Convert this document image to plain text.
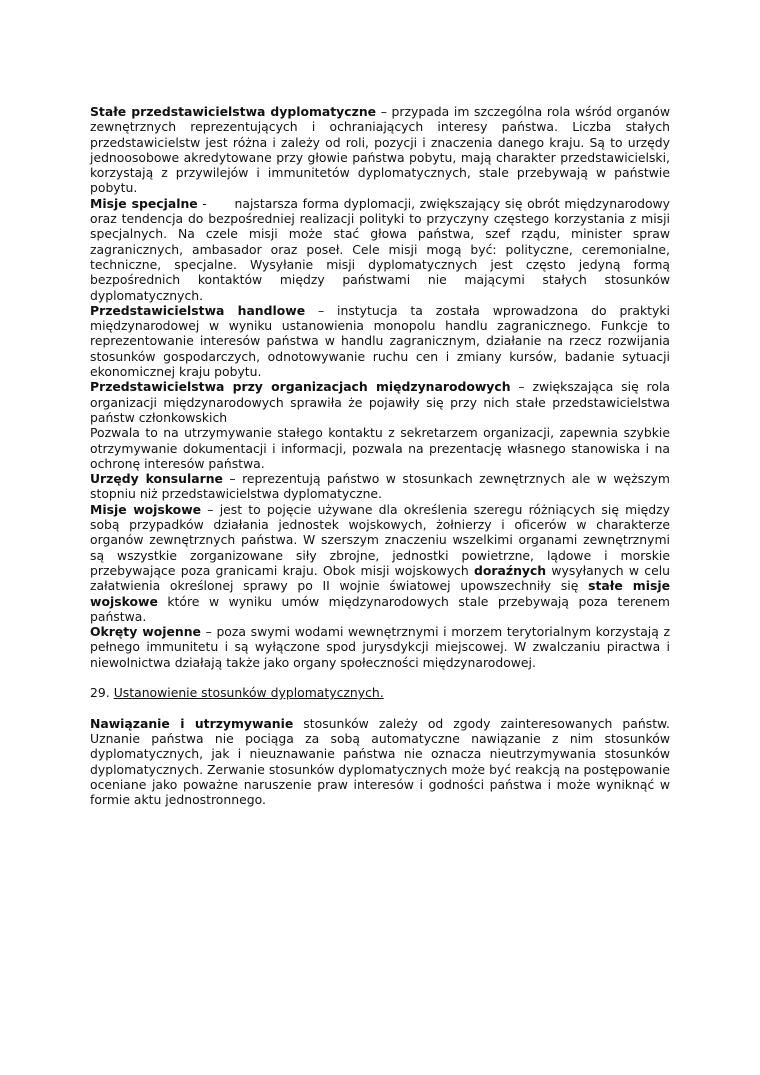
Stałe przedstawicielstwa dyplomatyczne – przypada im szczególna rola wśród organów zewnętrznych reprezentujących i ochraniających interesy państwa. Liczba stałych przedstawicielstw jest różna i zależy od roli, pozycji i znaczenia danego kraju. Są to urzędy jednoosobowe akredytowane przy głowie państwa pobytu, mają charakter przedstawicielski, korzystają z przywilejów i immunitetów dyplomatycznych, stale przebywają w państwie pobytu.

Misje specjalne -      najstarsza forma dyplomacji, zwiększający się obrót międzynarodowy oraz tendencja do bezpośredniej realizacji polityki to przyczyny częstego korzystania z misji specjalnych. Na czele misji może stać głowa państwa, szef rządu, minister spraw zagranicznych, ambasador oraz poseł. Cele misji mogą być: polityczne, ceremonialne, techniczne, specjalne. Wysyłanie misji dyplomatycznych jest często jedyną formą bezpośrednich kontaktów między państwami nie mającymi stałych stosunków dyplomatycznych.

Przedstawicielstwa handlowe – instytucja ta została wprowadzona do praktyki międzynarodowej w wyniku ustanowienia monopolu handlu zagranicznego. Funkcje to reprezentowanie interesów państwa w handlu zagranicznym, działanie na rzecz rozwijania stosunków gospodarczych, odnotowywanie ruchu cen i zmiany kursów, badanie sytuacji ekonomicznej kraju pobytu.

Przedstawicielstwa przy organizacjach międzynarodowych – zwiększająca się rola organizacji międzynarodowych sprawiła że pojawiły się przy nich stałe przedstawicielstwa państw członkowskich

Pozwala to na utrzymywanie stałego kontaktu z sekretarzem organizacji, zapewnia szybkie otrzymywanie dokumentacji i informacji, pozwala na prezentację własnego stanowiska i na ochronę interesów państwa.

Urzędy konsularne – reprezentują państwo w stosunkach zewnętrznych ale w węższym stopniu niż przedstawicielstwa dyplomatyczne.

Misje wojskowe – jest to pojęcie używane dla określenia szeregu różniących się między sobą przypadków działania jednostek wojskowych, żołnierzy i oficerów w charakterze organów zewnętrznych państwa. W szerszym znaczeniu wszelkimi organami zewnętrznymi są wszystkie zorganizowane siły zbrojne, jednostki powietrzne, lądowe i morskie przebywające poza granicami kraju. Obok misji wojskowych doraźnych wysyłanych w celu załatwienia określonej sprawy po II wojnie światowej upowszechniły się stałe misje wojskowe które w wyniku umów międzynarodowych stale przebywają poza terenem państwa.

Okręty wojenne – poza swymi wodami wewnętrznymi i morzem terytorialnym korzystają z pełnego immunitetu i są wyłączone spod jurysdykcji miejscowej. W zwalczaniu piractwa i niewolnictwa działają także jako organy społeczności międzynarodowej.

29. Ustanowienie stosunków dyplomatycznych.

Nawiązanie i utrzymywanie stosunków zależy od zgody zainteresowanych państw. Uznanie państwa nie pociąga za sobą automatyczne nawiązanie z nim stosunków dyplomatycznych, jak i nieuznawanie państwa nie oznacza nieutrzymywania stosunków dyplomatycznych. Zerwanie stosunków dyplomatycznych może być reakcją na postępowanie oceniane jako poważne naruszenie praw interesów i godności państwa i może wyniknąć w formie aktu jednostronnego.
